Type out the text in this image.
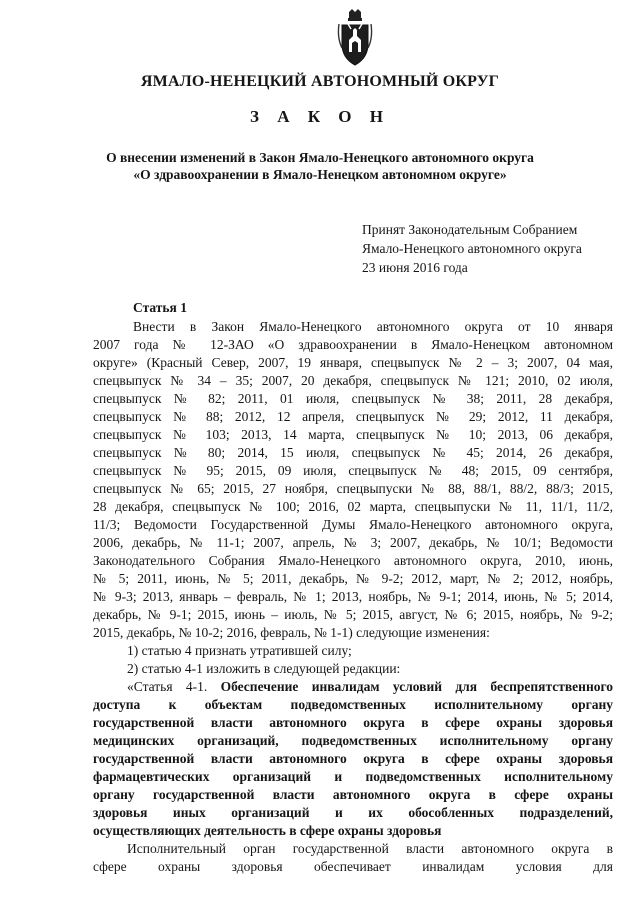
ЯМАЛО-НЕНЕЦКИЙ АВТОНОМНЫЙ ОКРУГ
З А К О Н
О внесении изменений в Закон Ямало-Ненецкого автономного округа
«О здравоохранении в Ямало-Ненецком автономном округе»
Принят Законодательным Собранием
Ямало-Ненецкого автономного округа
23 июня 2016 года
Статья 1
Внести в Закон Ямало-Ненецкого автономного округа от 10 января
2007 года № 12-ЗАО «О здравоохранении в Ямало-Ненецком автономном
округе» (Красный Север, 2007, 19 января, спецвыпуск № 2 – 3; 2007, 04 мая,
спецвыпуск № 34 – 35; 2007, 20 декабря, спецвыпуск № 121; 2010, 02 июля,
спецвыпуск № 82; 2011, 01 июля, спецвыпуск № 38; 2011, 28 декабря,
спецвыпуск № 88; 2012, 12 апреля, спецвыпуск № 29; 2012, 11 декабря,
спецвыпуск № 103; 2013, 14 марта, спецвыпуск № 10; 2013, 06 декабря,
спецвыпуск № 80; 2014, 15 июля, спецвыпуск № 45; 2014, 26 декабря,
спецвыпуск № 95; 2015, 09 июля, спецвыпуск № 48; 2015, 09 сентября,
спецвыпуск № 65; 2015, 27 ноября, спецвыпуски № 88, 88/1, 88/2, 88/3; 2015,
28 декабря, спецвыпуск № 100; 2016, 02 марта, спецвыпуски № 11, 11/1, 11/2,
11/3; Ведомости Государственной Думы Ямало-Ненецкого автономного округа,
2006, декабрь, № 11-1; 2007, апрель, № 3; 2007, декабрь, № 10/1; Ведомости
Законодательного Собрания Ямало-Ненецкого автономного округа, 2010, июнь,
№ 5; 2011, июнь, № 5; 2011, декабрь, № 9-2; 2012, март, № 2; 2012, ноябрь,
№ 9-3; 2013, январь – февраль, № 1; 2013, ноябрь, № 9-1; 2014, июнь, № 5; 2014,
декабрь, № 9-1; 2015, июнь – июль, № 5; 2015, август, № 6; 2015, ноябрь, № 9-2;
2015, декабрь, № 10-2; 2016, февраль, № 1-1) следующие изменения:
1) статью 4 признать утратившей силу;
2) статью 4-1 изложить в следующей редакции:
«Статья 4-1. Обеспечение инвалидам условий для беспрепятственного
доступа к объектам подведомственных исполнительному органу
государственной власти автономного округа в сфере охраны здоровья
медицинских организаций, подведомственных исполнительному органу
государственной власти автономного округа в сфере охраны здоровья
фармацевтических организаций и подведомственных исполнительному
органу государственной власти автономного округа в сфере охраны
здоровья иных организаций и их обособленных подразделений,
осуществляющих деятельность в сфере охраны здоровья
Исполнительный орган государственной власти автономного округа в
сфере охраны здоровья обеспечивает инвалидам условия для
